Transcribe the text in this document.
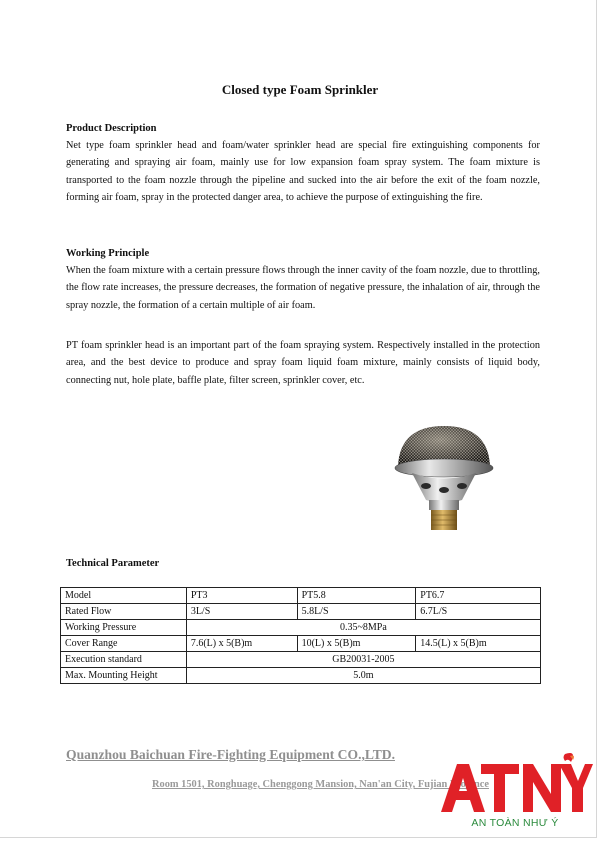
Closed type Foam Sprinkler
Product Description

Net type foam sprinkler head and foam/water sprinkler head are special fire extinguishing components for generating and spraying air foam, mainly use for low expansion foam spray system. The foam mixture is transported to the foam nozzle through the pipeline and sucked into the air before the exit of the foam nozzle, forming air foam, spray in the protected danger area, to achieve the purpose of extinguishing the fire.

Working Principle

When the foam mixture with a certain pressure flows through the inner cavity of the foam nozzle, due to throttling, the flow rate increases, the pressure decreases, the formation of negative pressure, the inhalation of air, through the spray nozzle, the formation of a certain multiple of air foam.

PT foam sprinkler head is an important part of the foam spraying system. Respectively installed in the protection area, and the best device to produce and spray foam liquid foam mixture, mainly consists of liquid body, connecting nut, hole plate, baffle plate, filter screen, sprinkler cover, etc.

Technical Parameter
Model	PT3	PT5.8	PT6.7
Rated Flow	3L/S	5.8L/S	6.7L/S
Working Pressure	0.35~8MPa		
Cover Range	7.6(L) x 5(B)m	10(L) x 5(B)m	14.5(L) x 5(B)m
Execution standard	GB20031-2005		
Max. Mounting Height	5.0m		
Quanzhou Baichuan Fire-Fighting Equipment CO.,LTD.
Room 1501, Ronghuage, Chenggong Mansion, Nan'an City, Fujian Province
AN TOÀN NHƯ Ý
